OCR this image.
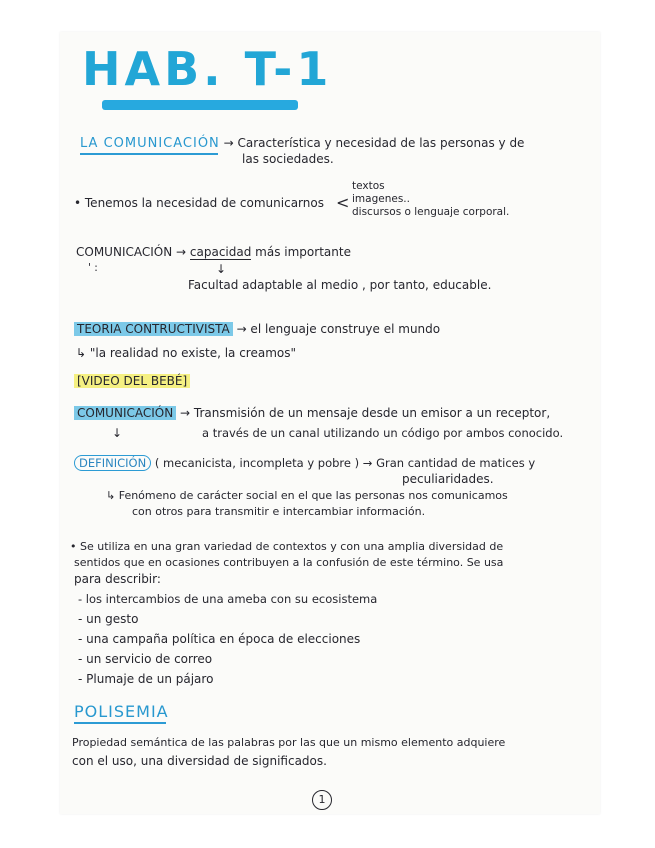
HAB. T-1
LA COMUNICACIÓN → Característica y necesidad de las personas y de
las sociedades.
• Tenemos la necesidad de comunicarnos <
textos
imagenes..
discursos o lenguaje corporal.
COMUNICACIÓN → capacidad más importante
' :	↓
Facultad adaptable al medio , por tanto, educable.
TEORIA CONTRUCTIVISTA → el lenguaje construye el mundo
↳ "la realidad no existe, la creamos"
[VIDEO DEL BEBÉ]
COMUNICACIÓN → Transmisión de un mensaje desde un emisor a un receptor,
↓	a través de un canal utilizando un código por ambos conocido.
DEFINICIÓN ( mecanicista, incompleta y pobre ) → Gran cantidad de matices y
peculiaridades.
↳ Fenómeno de carácter social en el que las personas nos comunicamos
con otros para transmitir e intercambiar información.
• Se utiliza en una gran variedad de contextos y con una amplia diversidad de
sentidos que en ocasiones contribuyen a la confusión de este término. Se usa
para describir:
- los intercambios de una ameba con su ecosistema
- un gesto
- una campaña política en época de elecciones
- un servicio de correo
- Plumaje de un pájaro
POLISEMIA
Propiedad semántica de las palabras por las que un mismo elemento adquiere
con el uso, una diversidad de significados.
1
